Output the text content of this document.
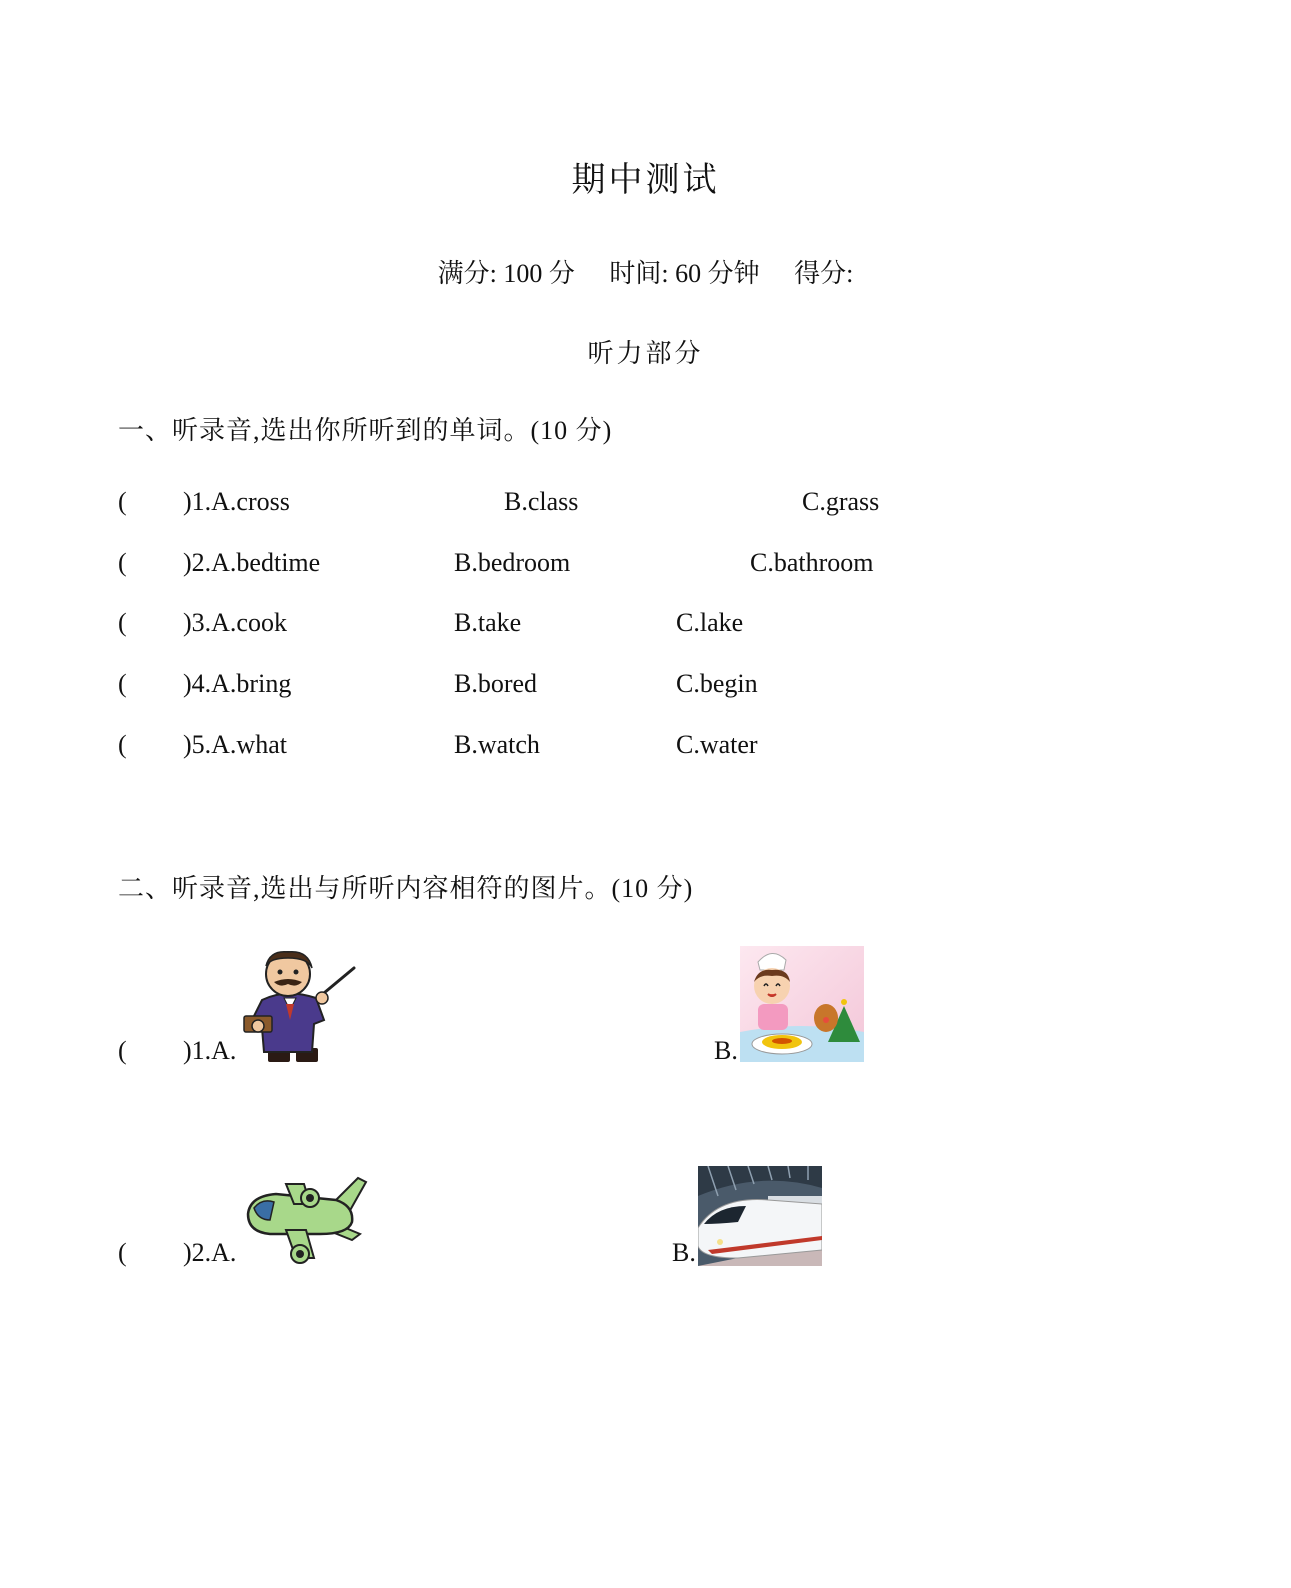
期中测试
满分: 100 分 时间: 60 分钟 得分:
听力部分
一、听录音,选出你所听到的单词。(10 分)
( )1.A.cross	B.class	C.grass
( )2.A.bedtime	B.bedroom	C.bathroom
( )3.A.cook	B.take	C.lake
( )4.A.bring	B.bored	C.begin
( )5.A.what	B.watch	C.water
二、听录音,选出与所听内容相符的图片。(10 分)
( )1.A.	B.
( )2.A.	B.
